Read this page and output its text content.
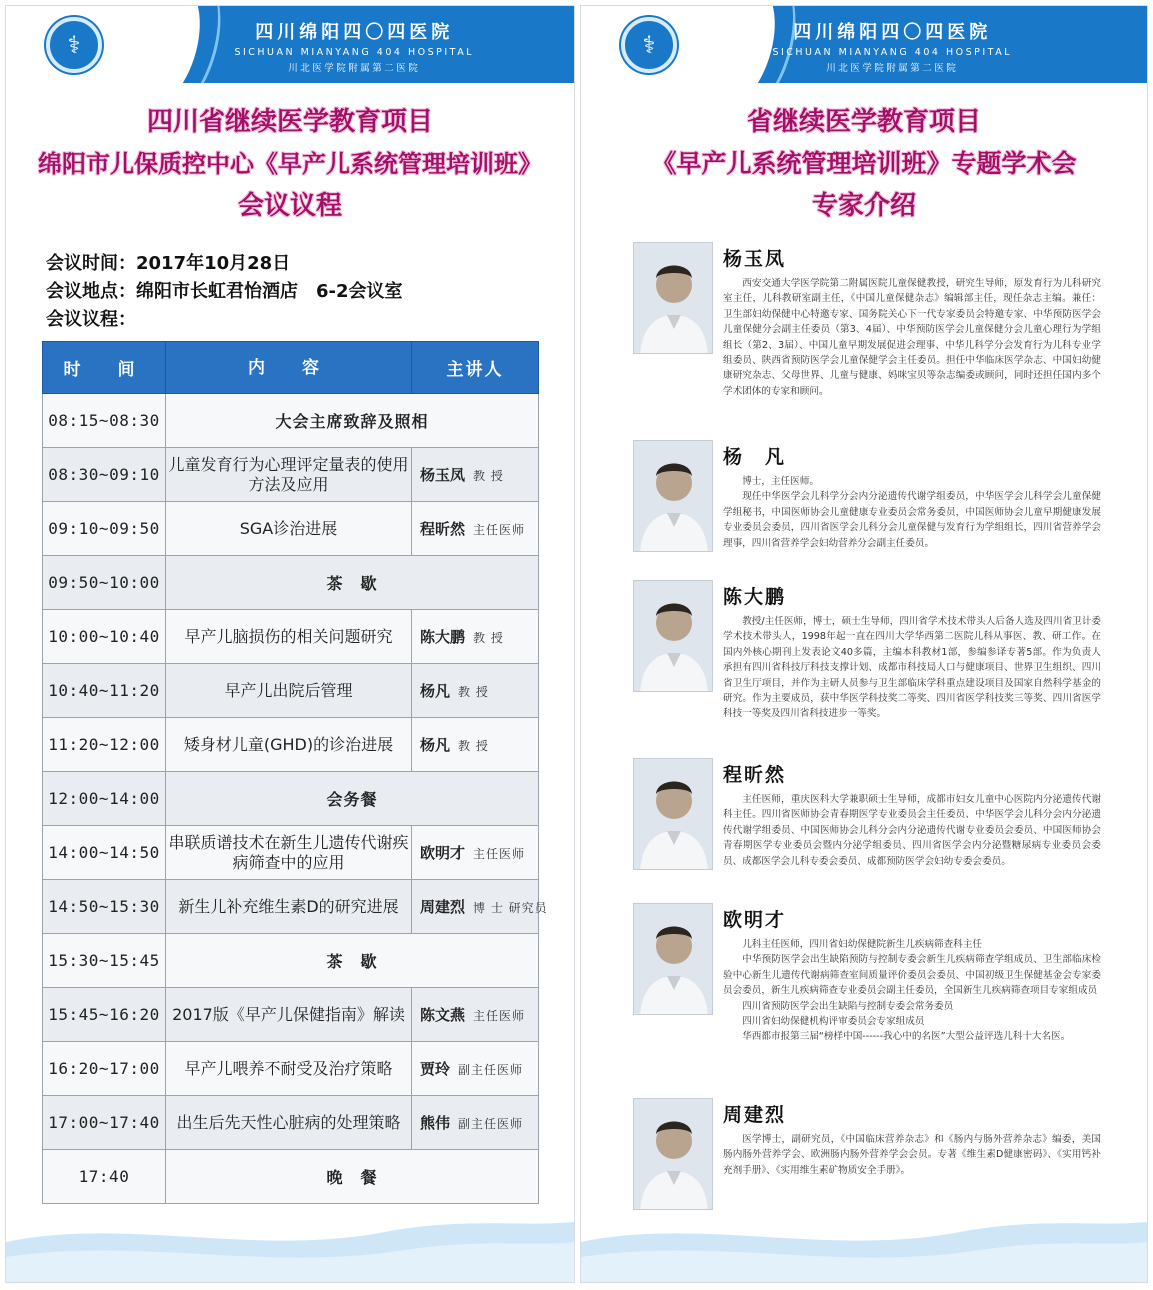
⚕	四川绵阳四〇四医院
SICHUAN MIANYANG 404 HOSPITAL
川北医学院附属第二医院
四川省继续医学教育项目
绵阳市儿保质控中心《早产儿系统管理培训班》
会议议程
会议时间：2017年10月28日
会议地点：绵阳市长虹君怡酒店　6-2会议室
会议议程：
时　间	内　容	主讲人
08:15~08:30	大会主席致辞及照相	
08:30~09:10	儿童发育行为心理评定量表的使用方法及应用	杨玉凤 教 授
09:10~09:50	SGA诊治进展	程昕然 主任医师
09:50~10:00	茶　歇	
10:00~10:40	早产儿脑损伤的相关问题研究	陈大鹏 教 授
10:40~11:20	早产儿出院后管理	杨凡 教 授
11:20~12:00	矮身材儿童(GHD)的诊治进展	杨凡 教 授
12:00~14:00	会务餐	
14:00~14:50	串联质谱技术在新生儿遗传代谢疾病筛查中的应用	欧明才 主任医师
14:50~15:30	新生儿补充维生素D的研究进展	周建烈 博 士 研究员
15:30~15:45	茶　歇	
15:45~16:20	2017版《早产儿保健指南》解读	陈文燕 主任医师
16:20~17:00	早产儿喂养不耐受及治疗策略	贾玲 副主任医师
17:00~17:40	出生后先天性心脏病的处理策略	熊伟 副主任医师
17:40	晚　餐	
⚕	四川绵阳四〇四医院
SICHUAN MIANYANG 404 HOSPITAL
川北医学院附属第二医院
省继续医学教育项目
《早产儿系统管理培训班》专题学术会
专家介绍
杨玉凤

西安交通大学医学院第二附属医院儿童保健教授，研究生导师，原发育行为儿科研究室主任，儿科教研室副主任，《中国儿童保健杂志》编辑部主任，现任杂志主编。兼任：卫生部妇幼保健中心特邀专家、国务院关心下一代专家委员会特邀专家、中华预防医学会儿童保健分会副主任委员（第3、4届）、中华预防医学会儿童保健分会儿童心理行为学组组长（第2、3届）、中国儿童早期发展促进会理事、中华儿科学分会发育行为儿科专业学组委员、陕西省预防医学会儿童保健学会主任委员。担任中华临床医学杂志、中国妇幼健康研究杂志、父母世界、儿童与健康、妈咪宝贝等杂志编委或顾问，同时还担任国内多个学术团体的专家和顾问。

杨　凡

博士，主任医师。

现任中华医学会儿科学分会内分泌遗传代谢学组委员，中华医学会儿科学会儿童保健学组秘书，中国医师协会儿童健康专业委员会常务委员，中国医师协会儿童早期健康发展专业委员会委员，四川省医学会儿科分会儿童保健与发育行为学组组长，四川省营养学会理事，四川省营养学会妇幼营养分会副主任委员。

陈大鹏

教授/主任医师，博士，硕士生导师，四川省学术技术带头人后备人选及四川省卫计委学术技术带头人，1998年起一直在四川大学华西第二医院儿科从事医、教、研工作。在国内外核心期刊上发表论文40多篇，主编本科教材1部，参编参译专著5部。作为负责人承担有四川省科技厅科技支撑计划、成都市科技局人口与健康项目、世界卫生组织、四川省卫生厅项目，并作为主研人员参与卫生部临床学科重点建设项目及国家自然科学基金的研究。作为主要成员，获中华医学科技奖二等奖、四川省医学科技奖三等奖、四川省医学科技一等奖及四川省科技进步一等奖。

程昕然

主任医师，重庆医科大学兼职硕士生导师，成都市妇女儿童中心医院内分泌遗传代谢科主任。四川省医师协会青春期医学专业委员会主任委员、中华医学会儿科分会内分泌遗传代谢学组委员、中国医师协会儿科分会内分泌遗传代谢专业委员会委员、中国医师协会青春期医学专业委员会暨内分泌学组委员、四川省医学会内分泌暨糖尿病专业委员会委员、成都医学会儿科专委会委员、成都预防医学会妇幼专委会委员。

欧明才

儿科主任医师，四川省妇幼保健院新生儿疾病筛查科主任

中华预防医学会出生缺陷预防与控制专委会新生儿疾病筛查学组成员、卫生部临床检验中心新生儿遗传代谢病筛查室间质量评价委员会委员、中国初级卫生保健基金会专家委员会委员，新生儿疾病筛查专业委员会副主任委员，全国新生儿疾病筛查项目专家组成员

四川省预防医学会出生缺陷与控制专委会常务委员

四川省妇幼保健机构评审委员会专家组成员

华西都市报第三届“榜样中国------我心中的名医”大型公益评选儿科十大名医。

周建烈

医学博士，副研究员，《中国临床营养杂志》和《肠内与肠外营养杂志》编委，美国肠内肠外营养学会、欧洲肠内肠外营养学会会员。专著《维生素D健康密码》、《实用钙补充剂手册》、《实用维生素矿物质安全手册》。
